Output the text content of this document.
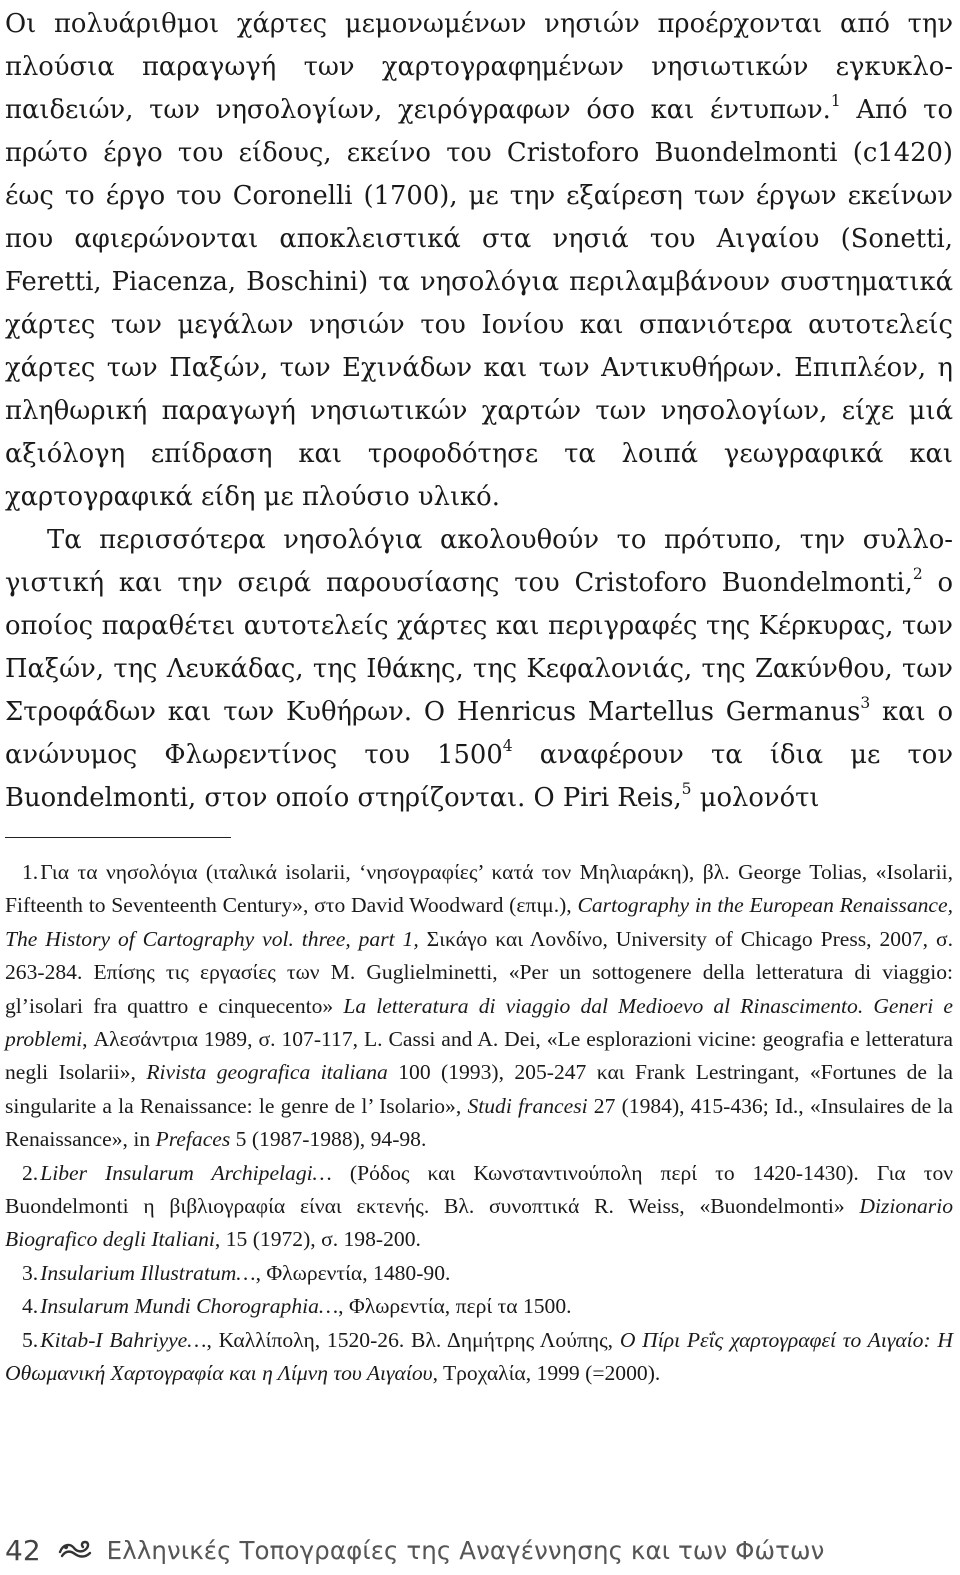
Οι πολυάριθμοι χάρτες μεμονωμένων νησιών προέρχονται από την πλούσια παραγωγή των χαρτογραφημένων νησιωτικών εγκυκλοπαιδειών, των νησολογίων, χειρόγραφων όσο και έντυπων.$^1$ Από το πρώτο έργο του είδους, εκείνο του Cristoforo Buondelmonti (c1420) έως το έργο του Coronelli (1700), με την εξαίρεση των έργων εκείνων που αφιερώνονται αποκλειστικά στα νησιά του Αιγαίου (Sonetti, Feretti, Piacenza, Boschini) τα νησολόγια περιλαμβάνουν συστηματικά χάρτες των μεγάλων νησιών του Ιονίου και σπανιότερα αυτοτελείς χάρτες των Παξών, των Εχινάδων και των Αντικυθήρων. Επιπλέον, η πληθωρική παραγωγή νησιωτικών χαρτών των νησολογίων, είχε μιά αξιόλογη επίδραση και τροφοδότησε τα λοιπά γεωγραφικά και χαρτογραφικά είδη με πλούσιο υλικό.

Τα περισσότερα νησολόγια ακολουθούν το πρότυπο, την συλλογιστική και την σειρά παρουσίασης του Cristoforo Buondelmonti,$^2$ ο οποίος παραθέτει αυτοτελείς χάρτες και περιγραφές της Κέρκυρας, των Παξών, της Λευκάδας, της Ιθάκης, της Κεφαλονιάς, της Ζακύνθου, των Στροφάδων και των Κυθήρων. Ο Henricus Martellus Germanus$^3$ και ο ανώνυμος Φλωρεντίνος του 1500$^4$ αναφέρουν τα ίδια με τον Buondelmonti, στον οποίο στηρίζονται. Ο Piri Reis,$^5$ μολονότι

1.Για τα νησολόγια (ιταλικά isolarii, ‘νησογραφίες’ κατά τον Μηλιαράκη), βλ. George Tolias, «Isolarii, Fifteenth to Seventeenth Century», στο David Woodward (επιμ.), Cartography in the European Renaissance, The History of Cartography vol. three, part 1, Σικάγο και Λονδίνο, University of Chicago Press, 2007, σ. 263-284. Επίσης τις εργασίες των M. Guglielminetti, «Per un sottogenere della letteratura di viaggio: gl’isolari fra quattro e cinquecento» La letteratura di viaggio dal Medioevo al Rinascimento. Generi e problemi, Αλεσάντρια 1989, σ. 107-117, L. Cassi and A. Dei, «Le esplorazioni vicine: geografia e letteratura negli Isolarii», Rivista geografica italiana 100 (1993), 205-247 και Frank Lestringant, «Fortunes de la singularite a la Renaissance: le genre de l’ Isolario», Studi francesi 27 (1984), 415-436; Id., «Insulaires de la Renaissance», in Prefaces 5 (1987-1988), 94-98.

2.Liber Insularum Archipelagi… (Ρόδος και Κωνσταντινούπολη περί το 1420-1430). Για τον Buondelmonti η βιβλιογραφία είναι εκτενής. Βλ. συνοπτικά R. Weiss, «Buondelmonti» Dizionario Biografico degli Italiani, 15 (1972), σ. 198-200.

3.Insularium Illustratum…, Φλωρεντία, 1480-90.

4.Insularum Mundi Chorographia…, Φλωρεντία, περί τα 1500.

5.Kitab-I Bahriyye…, Καλλίπολη, 1520-26. Βλ. Δημήτρης Λούπης, Ο Πίρι Ρεΐς χαρτογραφεί το Αιγαίο: Η Οθωμανική Χαρτογραφία και η Λίμνη του Αιγαίου, Τροχαλία, 1999 (=2000).

42	Ελληνικές Τοπογραφίες της Αναγέννησης και των Φώτων
